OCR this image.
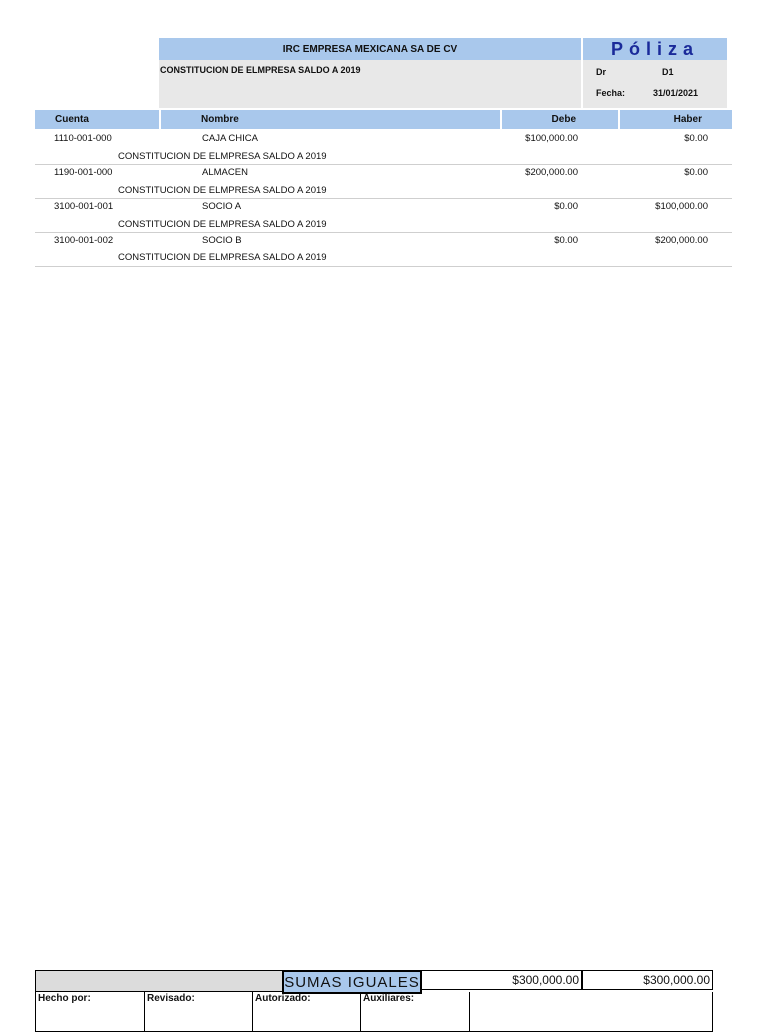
IRC EMPRESA MEXICANA SA DE CV
CONSTITUCION DE ELMPRESA SALDO A 2019
Póliza
Dr	D1
Fecha:	31/01/2021
Cuenta	Nombre	Debe	Haber
1110-001-000	CAJA CHICA	$100,000.00	$0.00
CONSTITUCION DE ELMPRESA SALDO A 2019
1190-001-000	ALMACEN	$200,000.00	$0.00
CONSTITUCION DE ELMPRESA SALDO A 2019
3100-001-001	SOCIO A	$0.00	$100,000.00
CONSTITUCION DE ELMPRESA SALDO A 2019
3100-001-002	SOCIO B	$0.00	$200,000.00
CONSTITUCION DE ELMPRESA SALDO A 2019
SUMAS IGUALES	$300,000.00	$300,000.00
Hecho por:	Revisado:	Autorizado:	Auxiliares:
